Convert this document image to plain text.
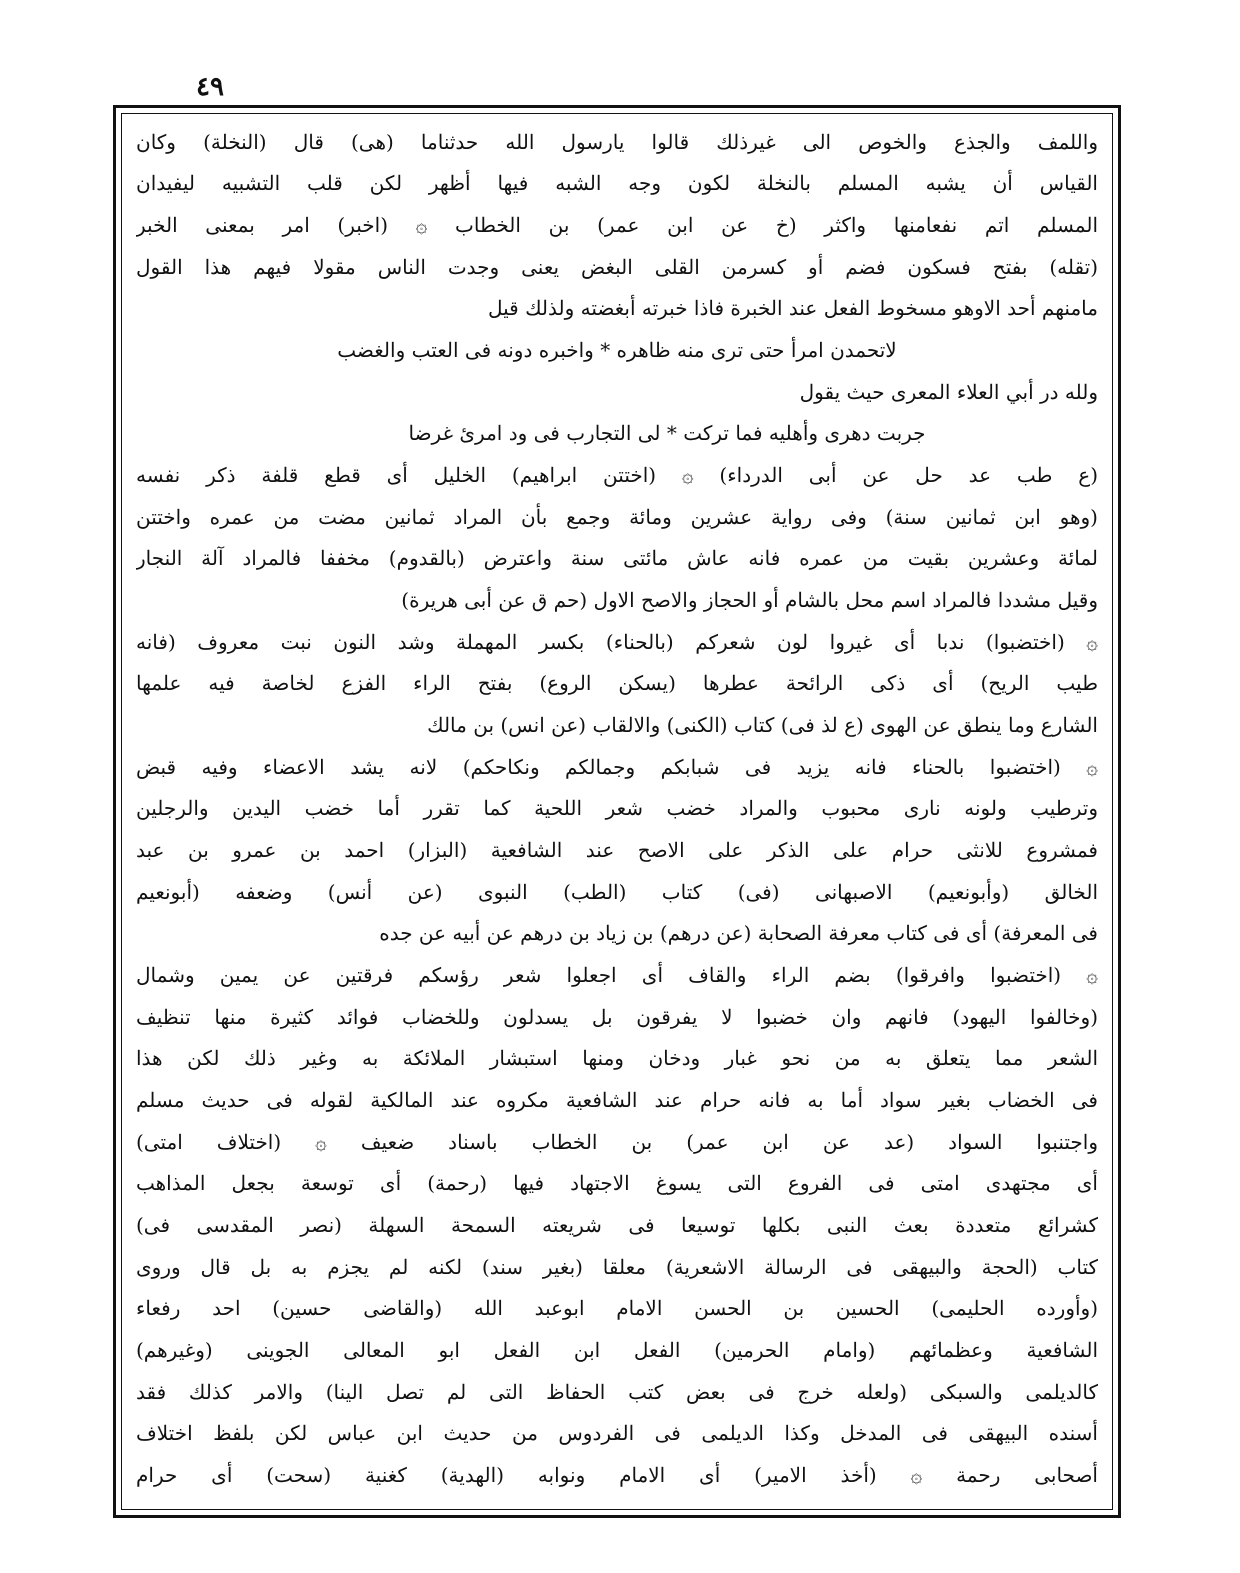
٤٩
واللمف والجذع والخوص الى غيرذلك قالوا يارسول الله حدثناما (هى) قال (النخلة) وكان
القياس أن يشبه المسلم بالنخلة لكون وجه الشبه فيها أظهر لكن قلب التشبيه ليفيدان
المسلم اتم نفعامنها واكثر (خ عن ابن عمر) بن الخطاب ۞ (اخبر) امر بمعنى الخبر
(تقله) بفتح فسكون فضم أو كسرمن القلى البغض يعنى وجدت الناس مقولا فيهم هذا القول
مامنهم أحد الاوهو مسخوط الفعل عند الخبرة فاذا خبرته أبغضته ولذلك قيل
لاتحمدن امرأ حتى ترى منه ظاهره * واخبره دونه فى العتب والغضب
ولله در أبي العلاء المعرى حيث يقول
جربت دهرى وأهليه فما تركت * لى التجارب فى ود امرئ غرضا
(ع طب عد حل عن أبى الدرداء) ۞ (اختتن ابراهيم) الخليل أى قطع قلفة ذكر نفسه
(وهو ابن ثمانين سنة) وفى رواية عشرين ومائة وجمع بأن المراد ثمانين مضت من عمره واختتن
لمائة وعشرين بقيت من عمره فانه عاش مائتى سنة واعترض (بالقدوم) مخففا فالمراد آلة النجار
وقيل مشددا فالمراد اسم محل بالشام أو الحجاز والاصح الاول (حم ق عن أبى هريرة)
۞ (اختضبوا) ندبا أى غيروا لون شعركم (بالحناء) بكسر المهملة وشد النون نبت معروف (فانه
طيب الريح) أى ذكى الرائحة عطرها (يسكن الروع) بفتح الراء الفزع لخاصة فيه علمها
الشارع وما ينطق عن الهوى (ع لذ فى) كتاب (الكنى) والالقاب (عن انس) بن مالك
۞ (اختضبوا بالحناء فانه يزيد فى شبابكم وجمالكم ونكاحكم) لانه يشد الاعضاء وفيه قبض
وترطيب ولونه نارى محبوب والمراد خضب شعر اللحية كما تقرر أما خضب اليدين والرجلين
فمشروع للانثى حرام على الذكر على الاصح عند الشافعية (البزار) احمد بن عمرو بن عبد
الخالق (وأبونعيم) الاصبهانى (فى) كتاب (الطب) النبوى (عن أنس) وضعفه (أبونعيم
فى المعرفة) أى فى كتاب معرفة الصحابة (عن درهم) بن زياد بن درهم عن أبيه عن جده
۞ (اختضبوا وافرقوا) بضم الراء والقاف أى اجعلوا شعر رؤسكم فرقتين عن يمين وشمال
(وخالفوا اليهود) فانهم وان خضبوا لا يفرقون بل يسدلون وللخضاب فوائد كثيرة منها تنظيف
الشعر مما يتعلق به من نحو غبار ودخان ومنها استبشار الملائكة به وغير ذلك لكن هذا
فى الخضاب بغير سواد أما به فانه حرام عند الشافعية مكروه عند المالكية لقوله فى حديث مسلم
واجتنبوا السواد (عد عن ابن عمر) بن الخطاب باسناد ضعيف ۞ (اختلاف امتى)
أى مجتهدى امتى فى الفروع التى يسوغ الاجتهاد فيها (رحمة) أى توسعة بجعل المذاهب
كشرائع متعددة بعث النبى بكلها توسيعا فى شريعته السمحة السهلة (نصر المقدسى فى)
كتاب (الحجة والبيهقى فى الرسالة الاشعرية) معلقا (بغير سند) لكنه لم يجزم به بل قال وروى
(وأورده الحليمى) الحسين بن الحسن الامام ابوعبد الله (والقاضى حسين) احد رفعاء
الشافعية وعظمائهم (وامام الحرمين) الفعل ابن الفعل ابو المعالى الجوينى (وغيرهم)
كالديلمى والسبكى (ولعله خرج فى بعض كتب الحفاظ التى لم تصل الينا) والامر كذلك فقد
أسنده البيهقى فى المدخل وكذا الديلمى فى الفردوس من حديث ابن عباس لكن بلفظ اختلاف
أصحابى رحمة ۞ (أخذ الامير) أى الامام ونوابه (الهدية) كغنية (سحت) أى حرام
